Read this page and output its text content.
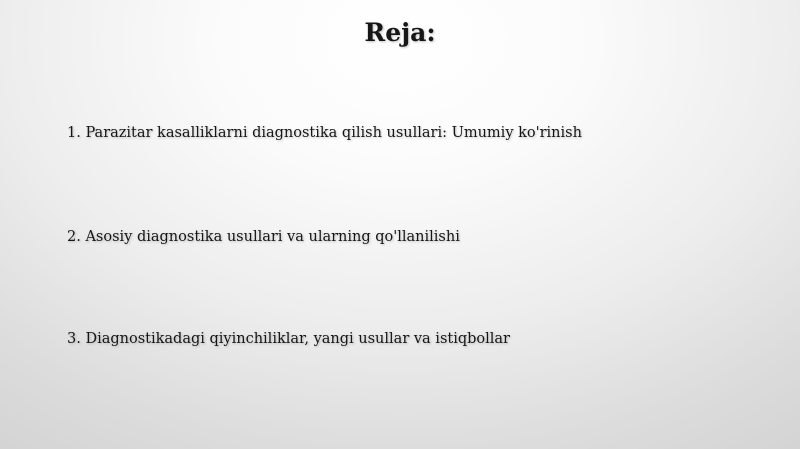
Reja:
1. Parazitar kasalliklarni diagnostika qilish usullari: Umumiy ko'rinish
2. Asosiy diagnostika usullari va ularning qo'llanilishi
3. Diagnostikadagi qiyinchiliklar, yangi usullar va istiqbollar
